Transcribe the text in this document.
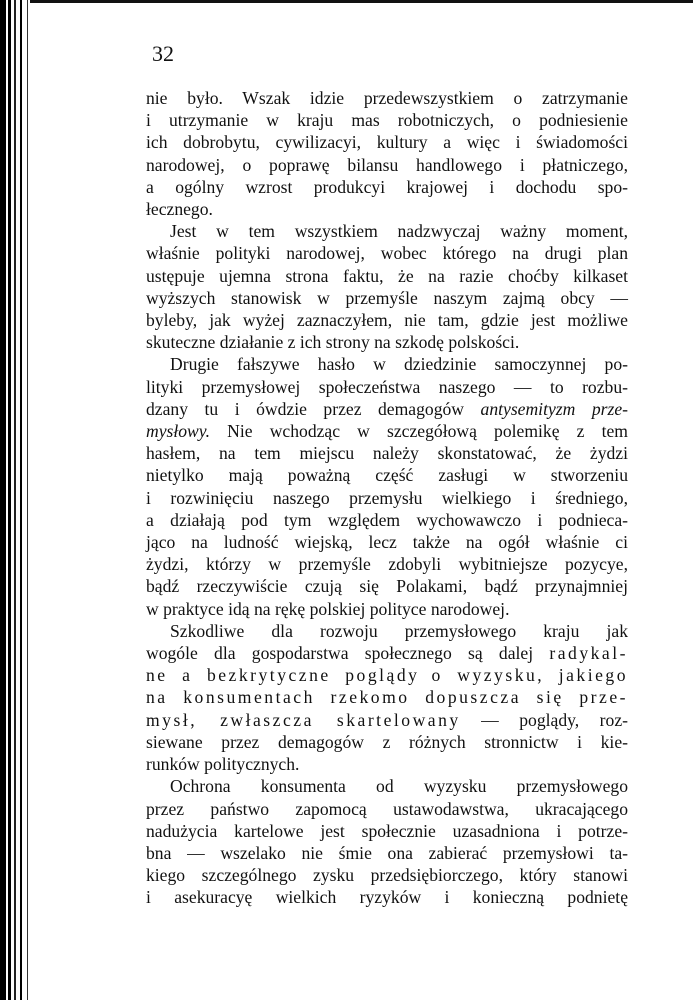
32
nie było. Wszak idzie przedewszystkiem o zatrzymanie
i utrzymanie w kraju mas robotniczych, o podniesienie
ich dobrobytu, cywilizacyi, kultury a więc i świadomości
narodowej, o poprawę bilansu handlowego i płatniczego,
a ogólny wzrost produkcyi krajowej i dochodu spo-
łecznego.
Jest w tem wszystkiem nadzwyczaj ważny moment,
właśnie polityki narodowej, wobec którego na drugi plan
ustępuje ujemna strona faktu, że na razie choćby kilkaset
wyższych stanowisk w przemyśle naszym zajmą obcy —
byleby, jak wyżej zaznaczyłem, nie tam, gdzie jest możliwe
skuteczne działanie z ich strony na szkodę polskości.
Drugie fałszywe hasło w dziedzinie samoczynnej po-
lityki przemysłowej społeczeństwa naszego — to rozbu-
dzany tu i ówdzie przez demagogów antysemityzm prze-
mysłowy. Nie wchodząc w szczegółową polemikę z tem
hasłem, na tem miejscu należy skonstatować, że żydzi
nietylko mają poważną część zasługi w stworzeniu
i rozwinięciu naszego przemysłu wielkiego i średniego,
a działają pod tym względem wychowawczo i podnieca-
jąco na ludność wiejską, lecz także na ogół właśnie ci
żydzi, którzy w przemyśle zdobyli wybitniejsze pozycye,
bądź rzeczywiście czują się Polakami, bądź przynajmniej
w praktyce idą na rękę polskiej polityce narodowej.
Szkodliwe dla rozwoju przemysłowego kraju jak
wogóle dla gospodarstwa społecznego są dalej radykal-
ne a bezkrytyczne poglądy o wyzysku, jakiego
na konsumentach rzekomo dopuszcza się prze-
mysł, zwłaszcza skartelowany — poglądy, roz-
siewane przez demagogów z różnych stronnictw i kie-
runków politycznych.
Ochrona konsumenta od wyzysku przemysłowego
przez państwo zapomocą ustawodawstwa, ukracającego
nadużycia kartelowe jest społecznie uzasadniona i potrze-
bna — wszelako nie śmie ona zabierać przemysłowi ta-
kiego szczególnego zysku przedsiębiorczego, który stanowi
i asekuracyę wielkich ryzyków i konieczną podnietę
